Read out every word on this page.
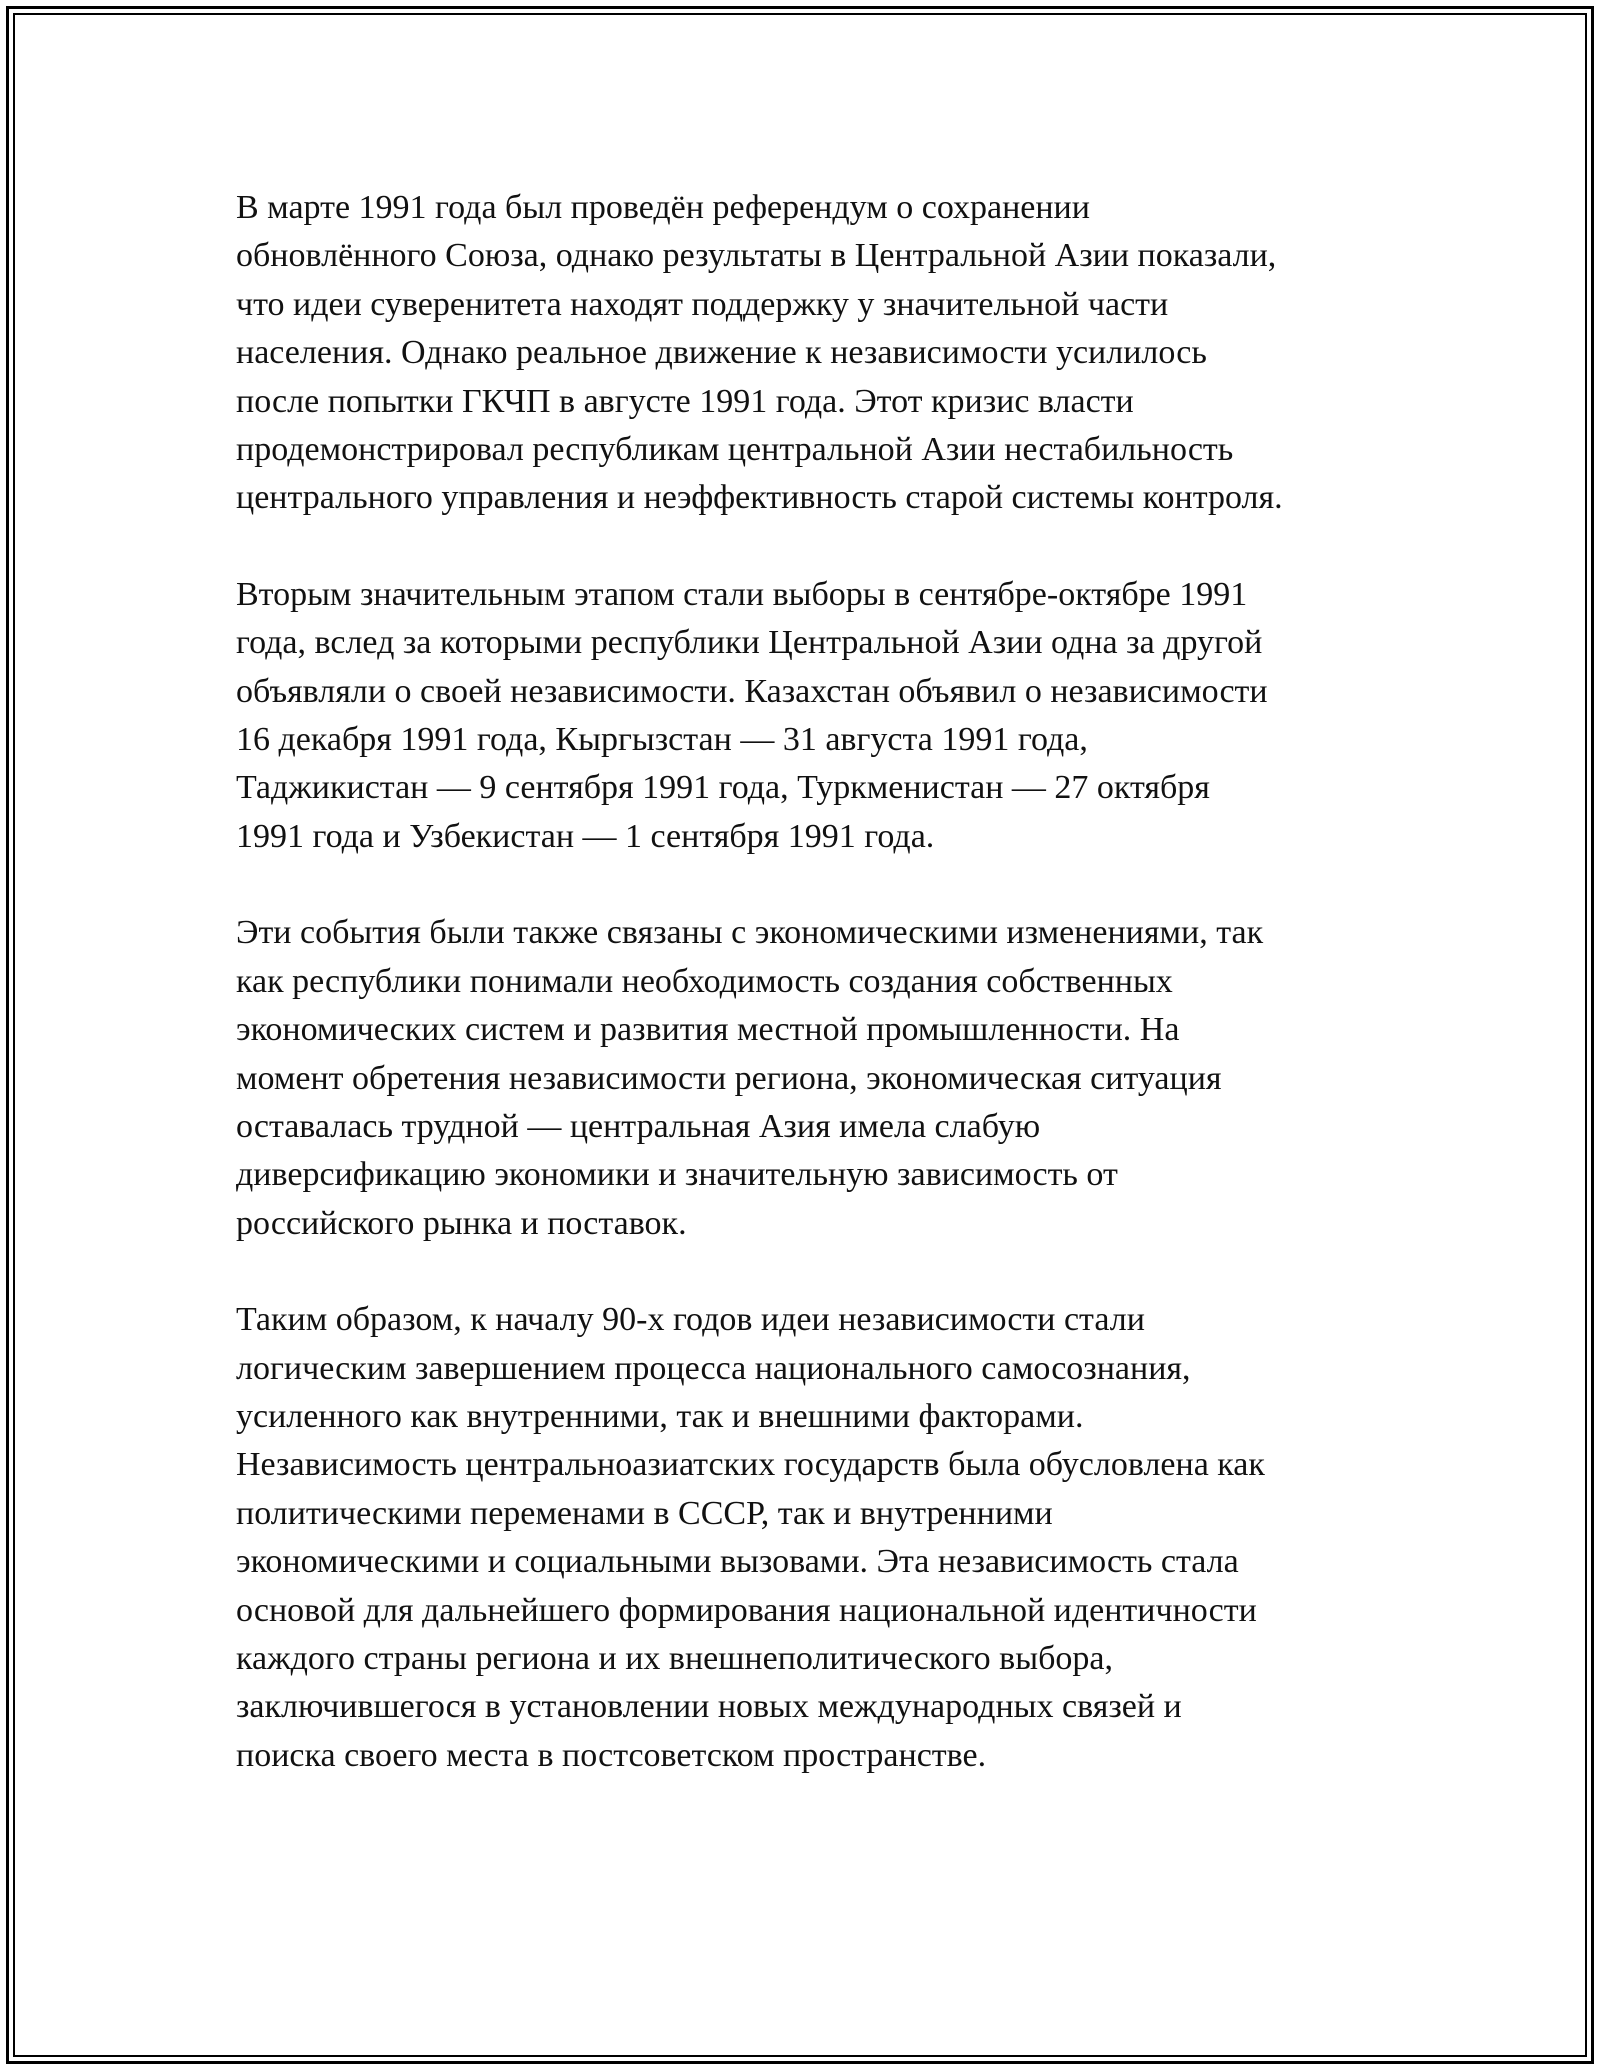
В марте 1991 года был проведён референдум о сохранении
обновлённого Союза, однако результаты в Центральной Азии показали,
что идеи суверенитета находят поддержку у значительной части
населения. Однако реальное движение к независимости усилилось
после попытки ГКЧП в августе 1991 года. Этот кризис власти
продемонстрировал республикам центральной Азии нестабильность
центрального управления и неэффективность старой системы контроля.

Вторым значительным этапом стали выборы в сентябре-октябре 1991
года, вслед за которыми республики Центральной Азии одна за другой
объявляли о своей независимости. Казахстан объявил о независимости
16 декабря 1991 года, Кыргызстан — 31 августа 1991 года,
Таджикистан — 9 сентября 1991 года, Туркменистан — 27 октября
1991 года и Узбекистан — 1 сентября 1991 года.

Эти события были также связаны с экономическими изменениями, так
как республики понимали необходимость создания собственных
экономических систем и развития местной промышленности. На
момент обретения независимости региона, экономическая ситуация
оставалась трудной — центральная Азия имела слабую
диверсификацию экономики и значительную зависимость от
российского рынка и поставок.

Таким образом, к началу 90-х годов идеи независимости стали
логическим завершением процесса национального самосознания,
усиленного как внутренними, так и внешними факторами.
Независимость центральноазиатских государств была обусловлена как
политическими переменами в СССР, так и внутренними
экономическими и социальными вызовами. Эта независимость стала
основой для дальнейшего формирования национальной идентичности
каждого страны региона и их внешнеполитического выбора,
заключившегося в установлении новых международных связей и
поиска своего места в постсоветском пространстве.
